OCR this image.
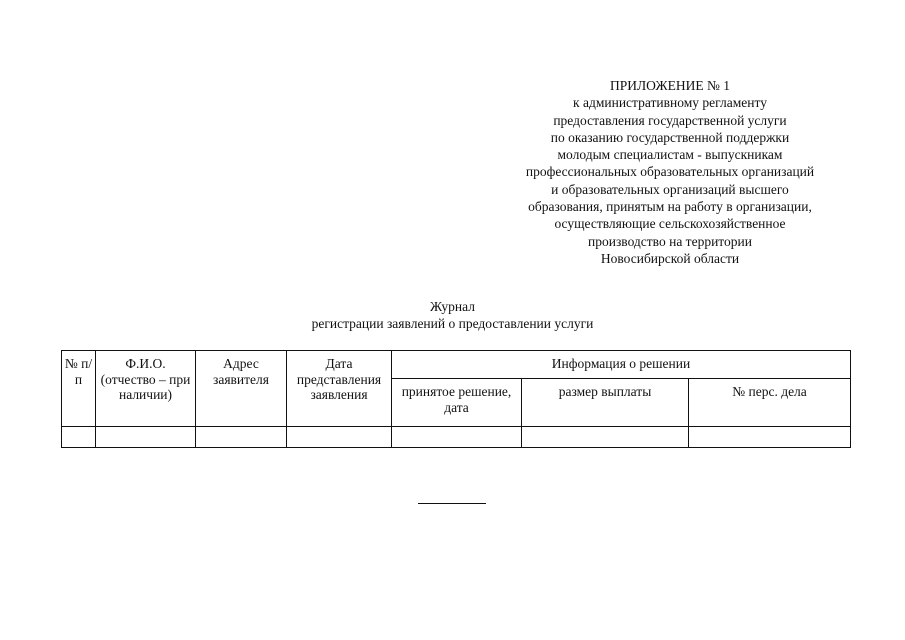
ПРИЛОЖЕНИЕ № 1
к административному регламенту
предоставления государственной услуги
по оказанию государственной поддержки
молодым специалистам - выпускникам
профессиональных образовательных организаций
и образовательных организаций высшего
образования, принятым на работу в организации,
осуществляющие сельскохозяйственное
производство на территории
Новосибирской области
Журнал
регистрации заявлений о предоставлении услуги
№ п/п	Ф.И.О. (отчество – при наличии)	Адрес заявителя	Дата представления заявления	Информация о решении		
				принятое решение, дата	размер выплаты	№ перс. дела
